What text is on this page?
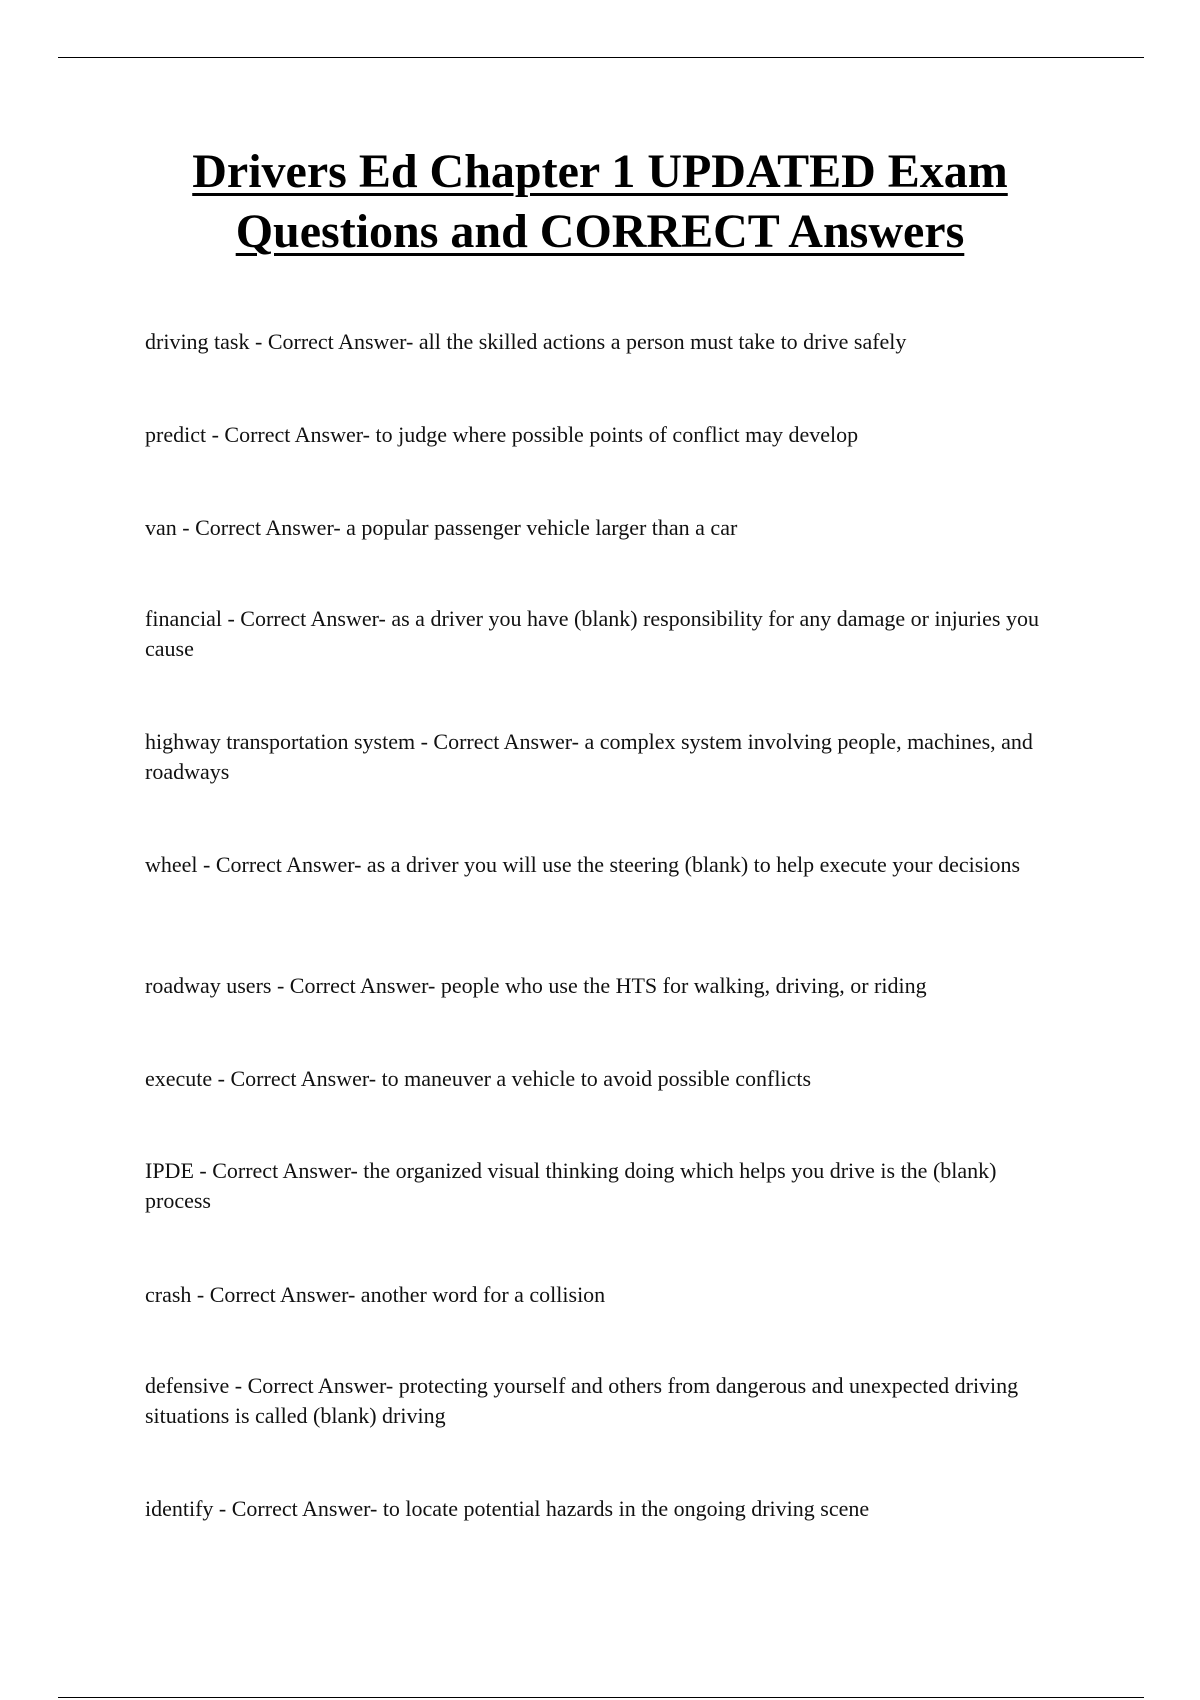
Drivers Ed Chapter 1 UPDATED Exam
Questions and CORRECT Answers

driving task - Correct Answer- all the skilled actions a person must take to drive safely

predict - Correct Answer- to judge where possible points of conflict may develop

van - Correct Answer- a popular passenger vehicle larger than a car

financial - Correct Answer- as a driver you have (blank) responsibility for any damage or injuries you cause

highway transportation system - Correct Answer- a complex system involving people, machines, and roadways

wheel - Correct Answer- as a driver you will use the steering (blank) to help execute your decisions

roadway users - Correct Answer- people who use the HTS for walking, driving, or riding

execute - Correct Answer- to maneuver a vehicle to avoid possible conflicts

IPDE - Correct Answer- the organized visual thinking doing which helps you drive is the (blank) process

crash - Correct Answer- another word for a collision

defensive - Correct Answer- protecting yourself and others from dangerous and unexpected driving situations is called (blank) driving

identify - Correct Answer- to locate potential hazards in the ongoing driving scene
